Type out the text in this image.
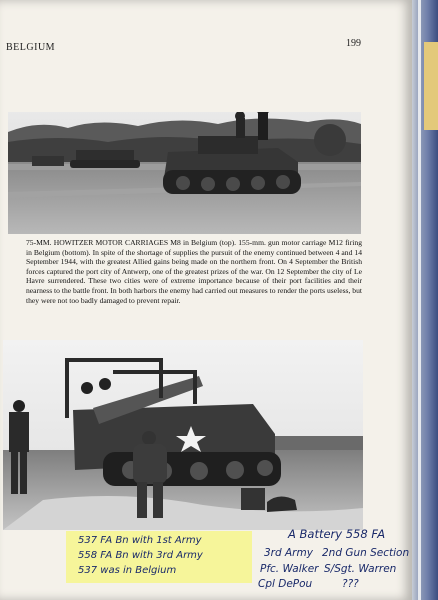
BELGIUM	199
75-MM. HOWITZER MOTOR CARRIAGES M8 in Belgium (top). 155-mm. gun motor carriage M12 firing in Belgium (bottom). In spite of the shortage of supplies the pursuit of the enemy continued between 4 and 14 September 1944, with the greatest Allied gains being made on the northern front. On 4 September the British forces captured the port city of Antwerp, one of the greatest prizes of the war. On 12 September the city of Le Havre surrendered. These two cities were of extreme importance because of their port facilities and their nearness to the battle front. In both harbors the enemy had carried out measures to render the ports useless, but they were not too badly damaged to prevent repair.
537 FA Bn with 1st Army
558 FA Bn with 3rd Army
537 was in Belgium
A Battery 558 FA
3rd Army 2nd Gun Section
Pfc. Walker S/Sgt. Warren
Cpl DePou	???
